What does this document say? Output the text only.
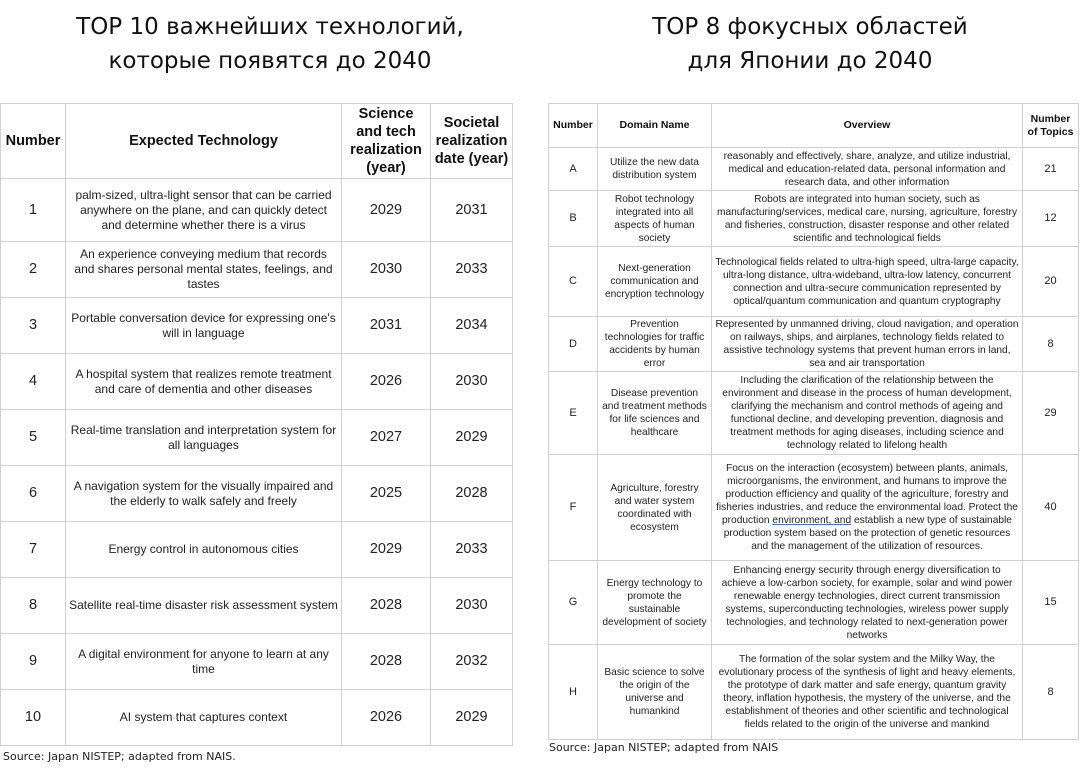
TOP 10 важнейших технологий,
которые появятся до 2040
TOP 8 фокусных областей
для Японии до 2040
Number	Expected Technology	Science and tech realization (year)	Societal realization date (year)
1	palm-sized, ultra-light sensor that can be carried anywhere on the plane, and can quickly detect and determine whether there is a virus	2029	2031
2	An experience conveying medium that records and shares personal mental states, feelings, and tastes	2030	2033
3	Portable conversation device for expressing one's will in language	2031	2034
4	A hospital system that realizes remote treatment and care of dementia and other diseases	2026	2030
5	Real-time translation and interpretation system for all languages	2027	2029
6	A navigation system for the visually impaired and the elderly to walk safely and freely	2025	2028
7	Energy control in autonomous cities	2029	2033
8	Satellite real-time disaster risk assessment system	2028	2030
9	A digital environment for anyone to learn at any time	2028	2032
10	AI system that captures context	2026	2029
Source: Japan NISTEP; adapted from NAIS.
Number	Domain Name	Overview	Number of Topics
A	Utilize the new data distribution system	reasonably and effectively, share, analyze, and utilize industrial, medical and education-related data, personal information and research data, and other information	21
B	Robot technology integrated into all aspects of human society	Robots are integrated into human society, such as manufacturing/services, medical care, nursing, agriculture, forestry and fisheries, construction, disaster response and other related scientific and technological fields	12
C	Next-generation communication and encryption technology	Technological fields related to ultra-high speed, ultra-large capacity, ultra-long distance, ultra-wideband, ultra-low latency, concurrent connection and ultra-secure communication represented by optical/quantum communication and quantum cryptography	20
D	Prevention technologies for traffic accidents by human error	Represented by unmanned driving, cloud navigation, and operation on railways, ships, and airplanes, technology fields related to assistive technology systems that prevent human errors in land, sea and air transportation	8
E	Disease prevention and treatment methods for life sciences and healthcare	Including the clarification of the relationship between the environment and disease in the process of human development, clarifying the mechanism and control methods of ageing and functional decline, and developing prevention, diagnosis and treatment methods for aging diseases, including science and technology related to lifelong health	29
F	Agriculture, forestry and water system coordinated with ecosystem	Focus on the interaction (ecosystem) between plants, animals, microorganisms, the environment, and humans to improve the production efficiency and quality of the agriculture, forestry and fisheries industries, and reduce the environmental load. Protect the production environment, and establish a new type of sustainable production system based on the protection of genetic resources and the management of the utilization of resources.	40
G	Energy technology to promote the sustainable development of society	Enhancing energy security through energy diversification to achieve a low-carbon society, for example, solar and wind power renewable energy technologies, direct current transmission systems, superconducting technologies, wireless power supply technologies, and technology related to next-generation power networks	15
H	Basic science to solve the origin of the universe and humankind	The formation of the solar system and the Milky Way, the evolutionary process of the synthesis of light and heavy elements, the prototype of dark matter and safe energy, quantum gravity theory, inflation hypothesis, the mystery of the universe, and the establishment of theories and other scientific and technological fields related to the origin of the universe and mankind	8
Source: Japan NISTEP; adapted from NAIS
